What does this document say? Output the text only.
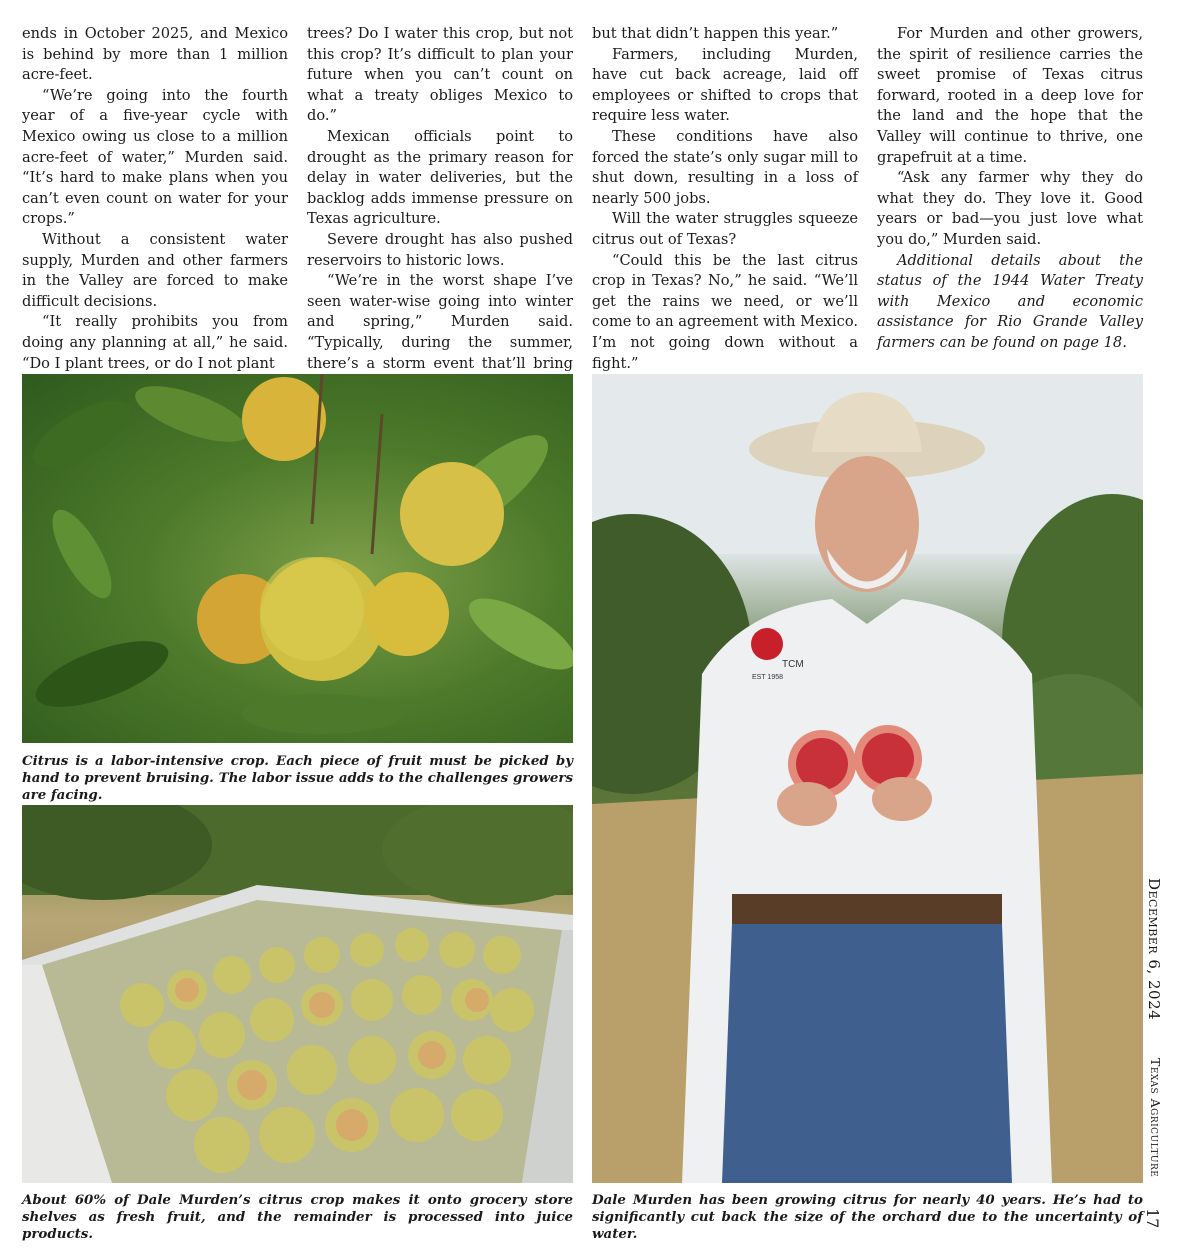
ends in October 2025, and Mexico is behind by more than 1 million acre-feet.

“We’re going into the fourth year of a five-year cycle with Mexico owing us close to a million acre-feet of water,” Murden said. “It’s hard to make plans when you can’t even count on water for your crops.”

Without a consistent water supply, Murden and other farmers in the Valley are forced to make difficult decisions.

“It really prohibits you from doing any planning at all,” he said. “Do I plant trees, or do I not plant

trees? Do I water this crop, but not this crop? It’s difficult to plan your future when you can’t count on what a treaty obliges Mexico to do.”

Mexican officials point to drought as the primary reason for delay in water deliveries, but the backlog adds immense pressure on Texas agriculture.

Severe drought has also pushed reservoirs to historic lows.

“We’re in the worst shape I’ve seen water-wise going into winter and spring,” Murden said. “Typically, during the summer, there’s a storm event that’ll bring

but that didn’t happen this year.”

Farmers, including Murden, have cut back acreage, laid off employees or shifted to crops that require less water.

These conditions have also forced the state’s only sugar mill to shut down, resulting in a loss of nearly 500 jobs.

Will the water struggles squeeze citrus out of Texas?

“Could this be the last citrus crop in Texas? No,” he said. “We’ll get the rains we need, or we’ll come to an agreement with Mexico. I’m not going down without a fight.”

For Murden and other growers, the spirit of resilience carries the sweet promise of Texas citrus forward, rooted in a deep love for the land and the hope that the Valley will continue to thrive, one grapefruit at a time.

“Ask any farmer why they do what they do. They love it. Good years or bad—you just love what you do,” Murden said.

Additional details about the status of the 1944 Water Treaty with Mexico and economic assistance for Rio Grande Valley farmers can be found on page 18.

Citrus is a labor-intensive crop. Each piece of fruit must be picked by hand to prevent bruising. The labor issue adds to the challenges growers are facing.
About 60% of Dale Murden’s citrus crop makes it onto grocery store shelves as fresh fruit, and the remainder is processed into juice products.
TCM
EST 1958
Dale Murden has been growing citrus for nearly 40 years. He’s had to significantly cut back the size of the orchard due to the uncertainty of water.
December 6, 2024
Texas Agriculture
17
